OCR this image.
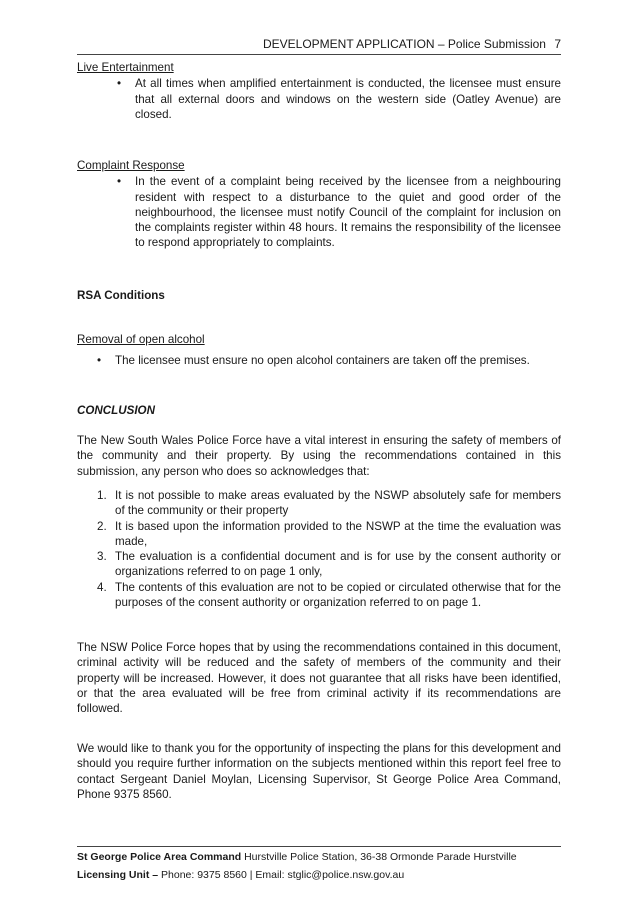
DEVELOPMENT APPLICATION – Police Submission 7
Live Entertainment
• At all times when amplified entertainment is conducted, the licensee must ensure that all external doors and windows on the western side (Oatley Avenue) are closed.
Complaint Response
• In the event of a complaint being received by the licensee from a neighbouring resident with respect to a disturbance to the quiet and good order of the neighbourhood, the licensee must notify Council of the complaint for inclusion on the complaints register within 48 hours. It remains the responsibility of the licensee to respond appropriately to complaints.
RSA Conditions
Removal of open alcohol
• The licensee must ensure no open alcohol containers are taken off the premises.
CONCLUSION
The New South Wales Police Force have a vital interest in ensuring the safety of members of the community and their property. By using the recommendations contained in this submission, any person who does so acknowledges that:
1. It is not possible to make areas evaluated by the NSWP absolutely safe for members of the community or their property
2. It is based upon the information provided to the NSWP at the time the evaluation was made,
3. The evaluation is a confidential document and is for use by the consent authority or organizations referred to on page 1 only,
4. The contents of this evaluation are not to be copied or circulated otherwise that for the purposes of the consent authority or organization referred to on page 1.
The NSW Police Force hopes that by using the recommendations contained in this document, criminal activity will be reduced and the safety of members of the community and their property will be increased. However, it does not guarantee that all risks have been identified, or that the area evaluated will be free from criminal activity if its recommendations are followed.
We would like to thank you for the opportunity of inspecting the plans for this development and should you require further information on the subjects mentioned within this report feel free to contact Sergeant Daniel Moylan, Licensing Supervisor, St George Police Area Command, Phone 9375 8560.
St George Police Area Command Hurstville Police Station, 36-38 Ormonde Parade Hurstville
Licensing Unit – Phone: 9375 8560 | Email: stglic@police.nsw.gov.au
